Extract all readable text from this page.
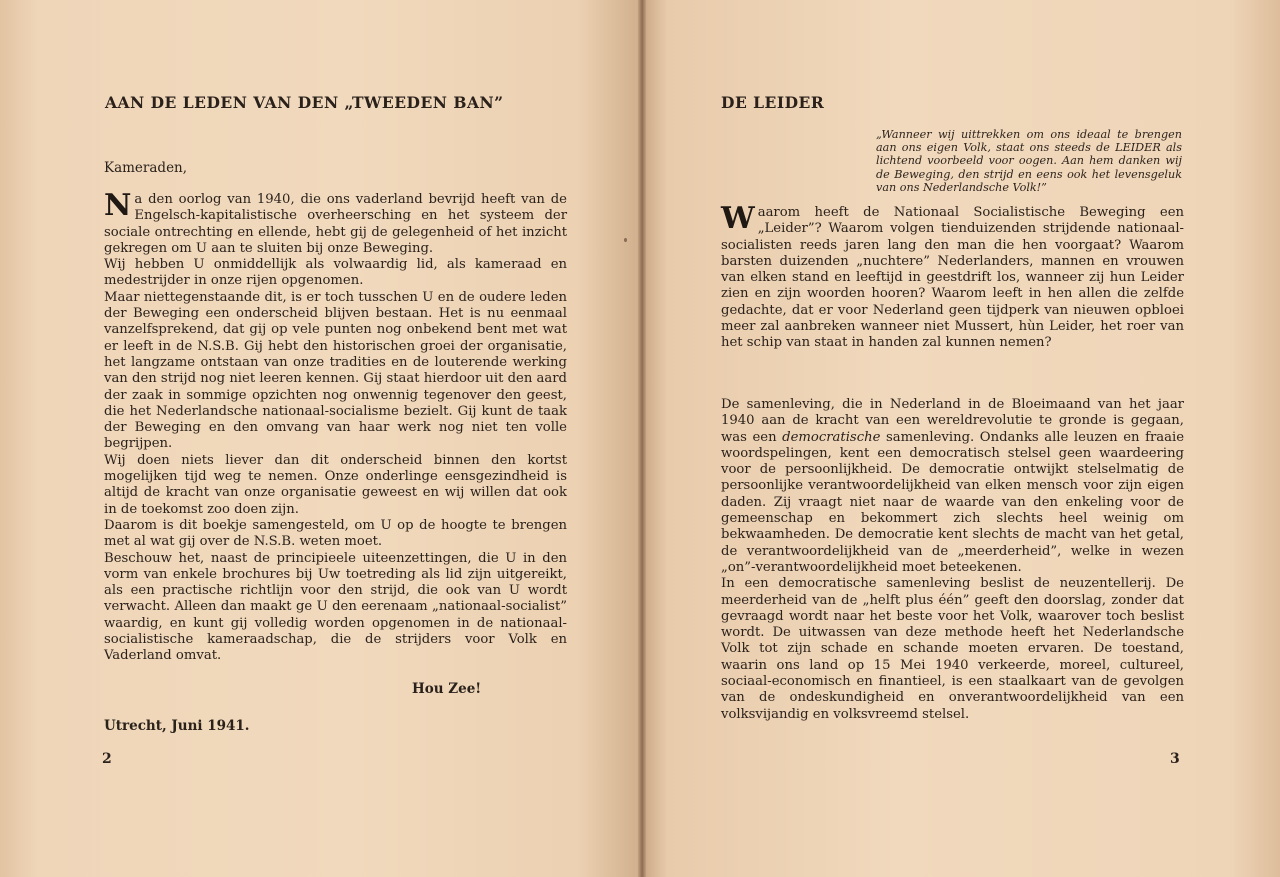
AAN DE LEDEN VAN DEN „TWEEDEN BAN”
Kameraden,

Na den oorlog van 1940, die ons vaderland bevrijd heeft van de Engelsch-kapitalistische overheersching en het systeem der sociale ontrechting en ellende, hebt gij de gelegenheid of het inzicht gekregen om U aan te sluiten bij onze Beweging.

Wij hebben U onmiddellijk als volwaardig lid, als kameraad en medestrijder in onze rijen opgenomen.

Maar niettegenstaande dit, is er toch tusschen U en de oudere leden der Beweging een onderscheid blijven bestaan. Het is nu eenmaal vanzelfsprekend, dat gij op vele punten nog onbekend bent met wat er leeft in de N.S.B. Gij hebt den historischen groei der organisatie, het langzame ontstaan van onze tradities en de louterende werking van den strijd nog niet leeren kennen. Gij staat hierdoor uit den aard der zaak in sommige opzichten nog onwennig tegenover den geest, die het Nederlandsche nationaal-socialisme bezielt. Gij kunt de taak der Beweging en den omvang van haar werk nog niet ten volle begrijpen.

Wij doen niets liever dan dit onderscheid binnen den kortst mogelijken tijd weg te nemen. Onze onderlinge eensgezindheid is altijd de kracht van onze organisatie geweest en wij willen dat ook in de toekomst zoo doen zijn.

Daarom is dit boekje samengesteld, om U op de hoogte te brengen met al wat gij over de N.S.B. weten moet.

Beschouw het, naast de principieele uiteenzettingen, die U in den vorm van enkele brochures bij Uw toetreding als lid zijn uitgereikt, als een practische richtlijn voor den strijd, die ook van U wordt verwacht. Alleen dan maakt ge U den eerenaam „nationaal-socialist” waardig, en kunt gij volledig worden opgenomen in de nationaal-socialistische kameraadschap, die de strijders voor Volk en Vaderland omvat.

Hou Zee!
Utrecht, Juni 1941.
2
DE LEIDER

„Wanneer wij uittrekken om ons ideaal te brengen aan ons eigen Volk, staat ons steeds de LEIDER als lichtend voorbeeld voor oogen. Aan hem danken wij de Beweging, den strijd en eens ook het levensgeluk van ons Nederlandsche Volk!”

Waarom heeft de Nationaal Socialistische Beweging een „Leider”? Waarom volgen tienduizenden strijdende nationaal-socialisten reeds jaren lang den man die hen voorgaat? Waarom barsten duizenden „nuchtere” Nederlanders, mannen en vrouwen van elken stand en leeftijd in geestdrift los, wanneer zij hun Leider zien en zijn woorden hooren? Waarom leeft in hen allen die zelfde gedachte, dat er voor Nederland geen tijdperk van nieuwen opbloei meer zal aanbreken wanneer niet Mussert, hùn Leider, het roer van het schip van staat in handen zal kunnen nemen?

De samenleving, die in Nederland in de Bloeimaand van het jaar 1940 aan de kracht van een wereldrevolutie te gronde is gegaan, was een democratische samenleving. Ondanks alle leuzen en fraaie woordspelingen, kent een democratisch stelsel geen waardeering voor de persoonlijkheid. De democratie ontwijkt stelselmatig de persoonlijke verantwoordelijkheid van elken mensch voor zijn eigen daden. Zij vraagt niet naar de waarde van den enkeling voor de gemeenschap en bekommert zich slechts heel weinig om bekwaamheden. De democratie kent slechts de macht van het getal, de verantwoordelijkheid van de „meerderheid”, welke in wezen „on”-verantwoordelijkheid moet beteekenen.

In een democratische samenleving beslist de neuzentellerij. De meerderheid van de „helft plus één” geeft den doorslag, zonder dat gevraagd wordt naar het beste voor het Volk, waarover toch beslist wordt. De uitwassen van deze methode heeft het Nederlandsche Volk tot zijn schade en schande moeten ervaren. De toestand, waarin ons land op 15 Mei 1940 verkeerde, moreel, cultureel, sociaal-economisch en finantieel, is een staalkaart van de gevolgen van de ondeskundigheid en onverantwoordelijkheid van een volksvijandig en volksvreemd stelsel.

3
